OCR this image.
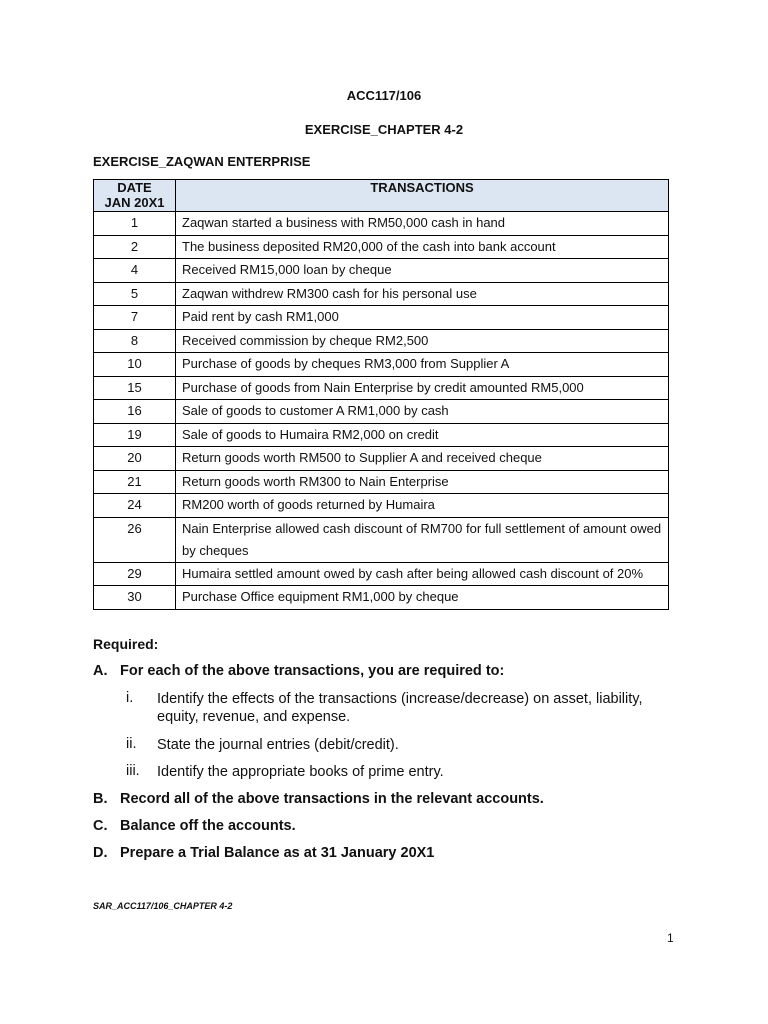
ACC117/106
EXERCISE_CHAPTER 4-2
EXERCISE_ZAQWAN ENTERPRISE
DATE
JAN 20X1	TRANSACTIONS
1	Zaqwan started a business with RM50,000 cash in hand
2	The business deposited RM20,000 of the cash into bank account
4	Received RM15,000 loan by cheque
5	Zaqwan withdrew RM300 cash for his personal use
7	Paid rent by cash RM1,000
8	Received commission by cheque RM2,500
10	Purchase of goods by cheques RM3,000 from Supplier A
15	Purchase of goods from Nain Enterprise by credit amounted RM5,000
16	Sale of goods to customer A RM1,000 by cash
19	Sale of goods to Humaira RM2,000 on credit
20	Return goods worth RM500 to Supplier A and received cheque
21	Return goods worth RM300 to Nain Enterprise
24	RM200 worth of goods returned by Humaira
26	Nain Enterprise allowed cash discount of RM700 for full settlement of amount owed by cheques
29	Humaira settled amount owed by cash after being allowed cash discount of 20%
30	Purchase Office equipment RM1,000 by cheque
Required:
A. For each of the above transactions, you are required to:
i. Identify the effects of the transactions (increase/decrease) on asset, liability, equity, revenue, and expense.
ii. State the journal entries (debit/credit).
iii. Identify the appropriate books of prime entry.
B. Record all of the above transactions in the relevant accounts.
C. Balance off the accounts.
D. Prepare a Trial Balance as at 31 January 20X1
SAR_ACC117/106_CHAPTER 4-2
1
